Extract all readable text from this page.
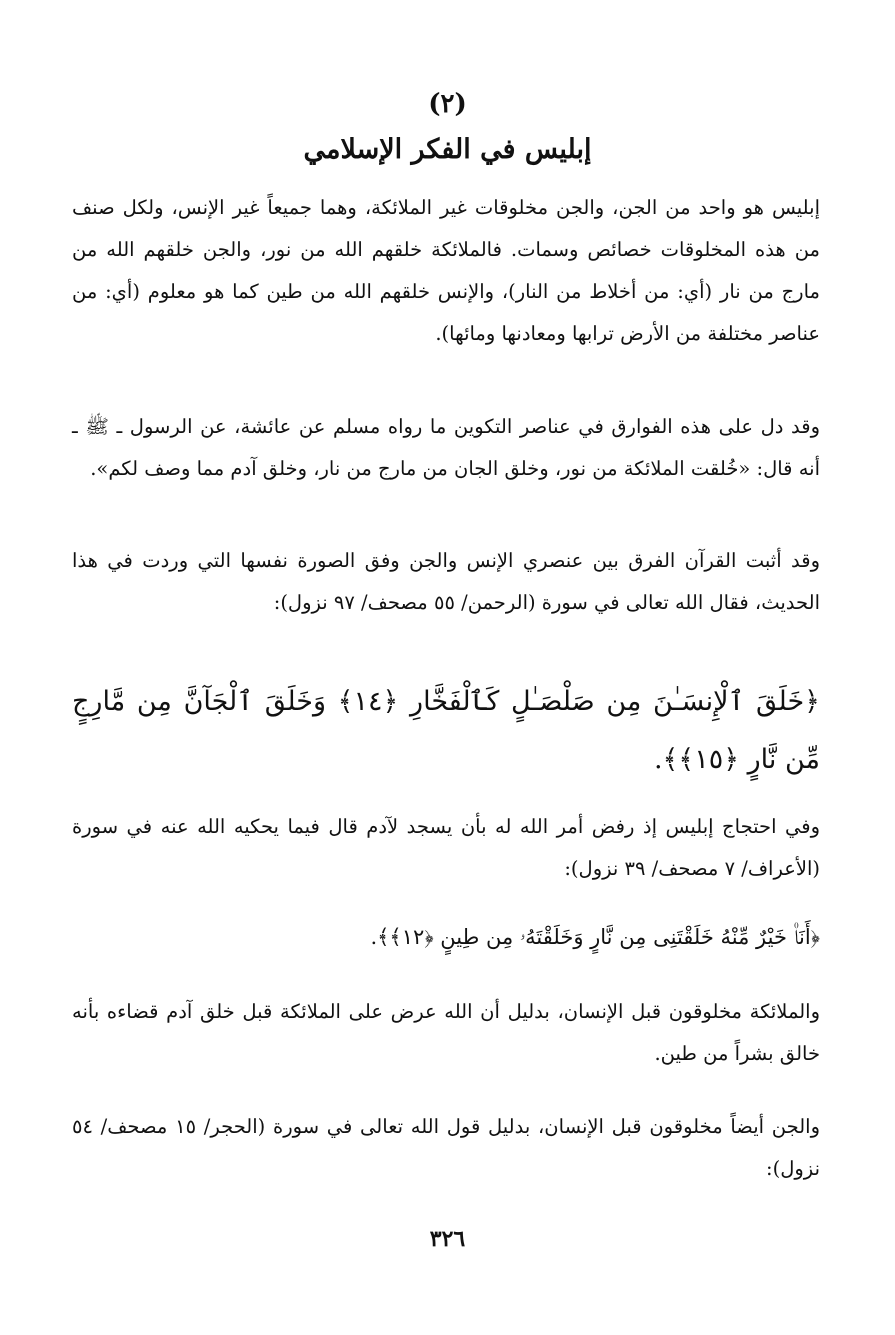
(٢)
إبليس في الفكر الإسلامي

إبليس هو واحد من الجن، والجن مخلوقات غير الملائكة، وهما جميعاً غير الإنس، ولكل صنف من هذه المخلوقات خصائص وسمات. فالملائكة خلقهم الله من نور، والجن خلقهم الله من مارج من نار (أي: من أخلاط من النار)، والإنس خلقهم الله من طين كما هو معلوم (أي: من عناصر مختلفة من الأرض ترابها ومعادنها ومائها).

وقد دل على هذه الفوارق في عناصر التكوين ما رواه مسلم عن عائشة، عن الرسول ـ ﷺ ـ أنه قال: «خُلقت الملائكة من نور، وخلق الجان من مارج من نار، وخلق آدم مما وصف لكم».

وقد أثبت القرآن الفرق بين عنصري الإنس والجن وفق الصورة نفسها التي وردت في هذا الحديث، فقال الله تعالى في سورة (الرحمن/ ٥٥ مصحف/ ٩٧ نزول):

﴿خَلَقَ ٱلْإِنسَـٰنَ مِن صَلْصَـٰلٍ كَٱلْفَخَّارِ ﴿١٤﴾ وَخَلَقَ ٱلْجَآنَّ مِن مَّارِجٍ مِّن نَّارٍ ﴿١٥﴾﴾.

وفي احتجاج إبليس إذ رفض أمر الله له بأن يسجد لآدم قال فيما يحكيه الله عنه في سورة (الأعراف/ ٧ مصحف/ ٣٩ نزول):

﴿أَنَا۠ خَيْرٌ مِّنْهُ خَلَقْتَنِى مِن نَّارٍ وَخَلَقْتَهُۥ مِن طِينٍ ﴿١٢﴾﴾.

والملائكة مخلوقون قبل الإنسان، بدليل أن الله عرض على الملائكة قبل خلق آدم قضاءه بأنه خالق بشراً من طين.

والجن أيضاً مخلوقون قبل الإنسان، بدليل قول الله تعالى في سورة (الحجر/ ١٥ مصحف/ ٥٤ نزول):

٣٢٦
